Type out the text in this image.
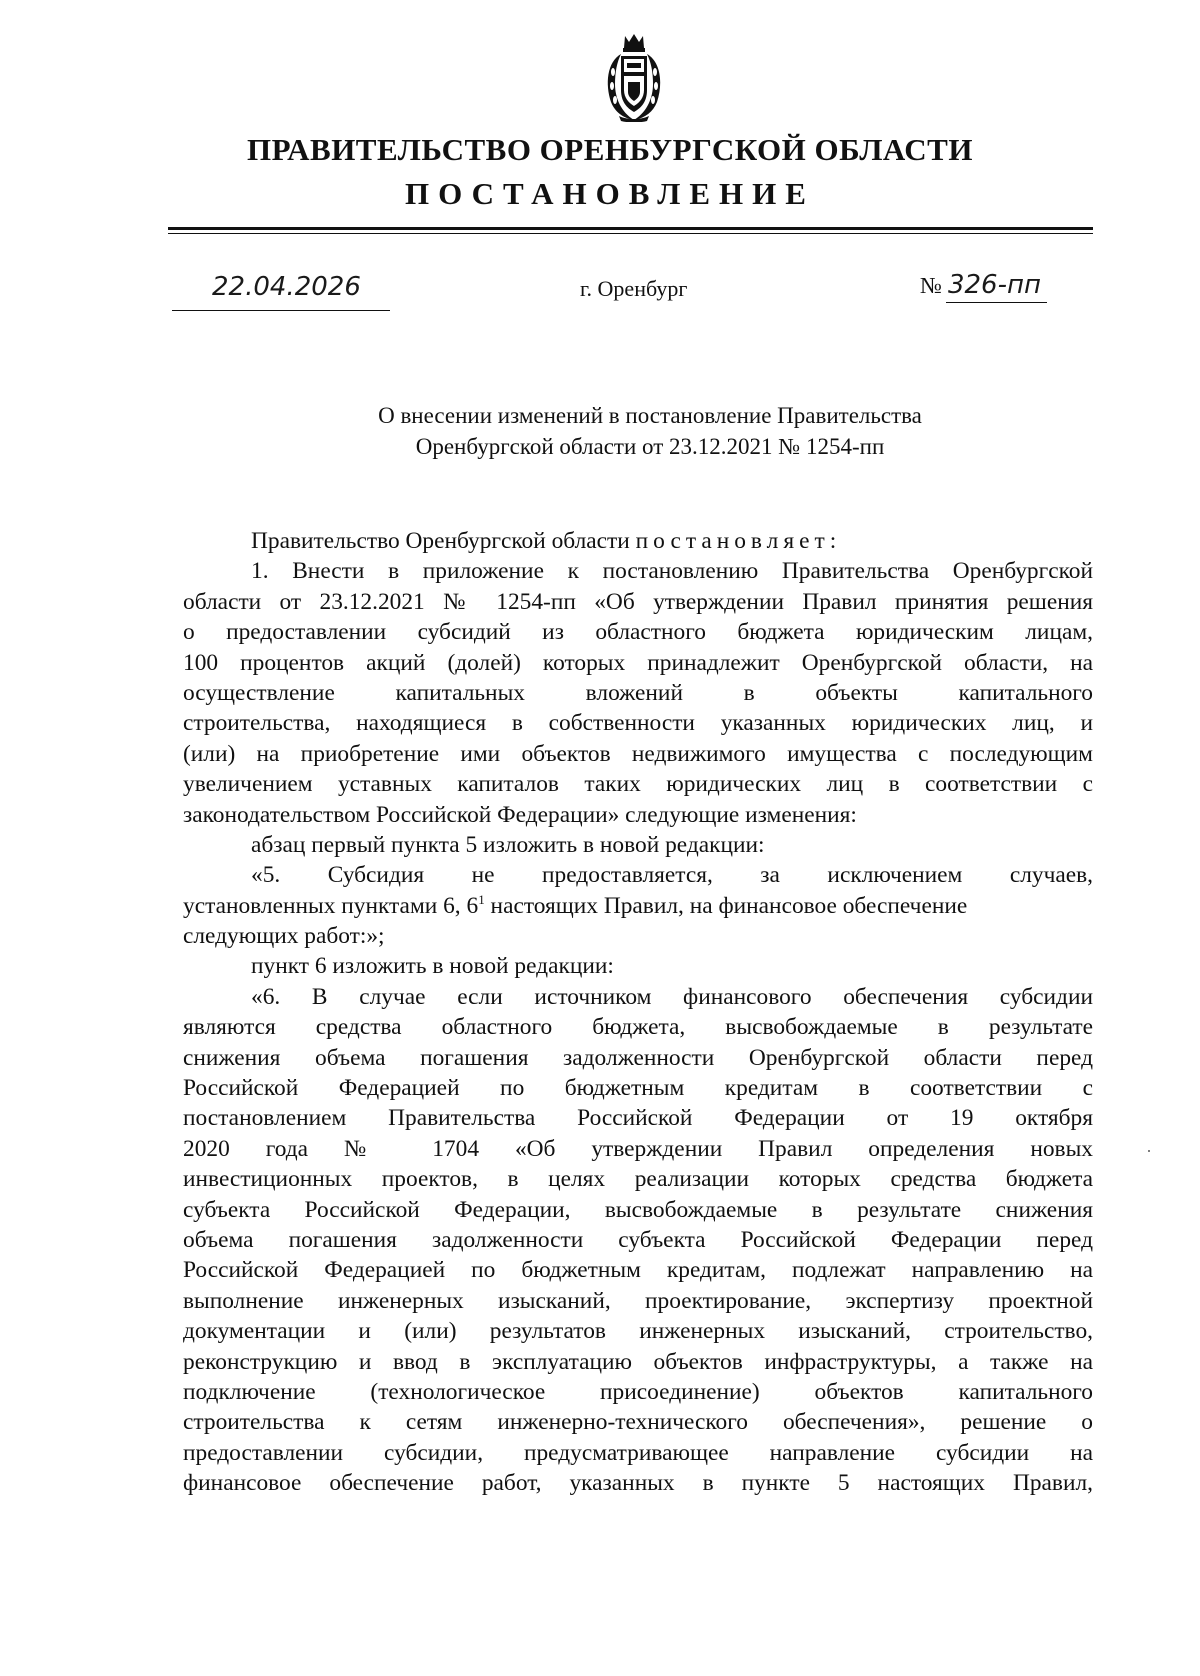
ПРАВИТЕЛЬСТВО ОРЕНБУРГСКОЙ ОБЛАСТИ
ПОСТАНОВЛЕНИЕ
22.04.2026	г. Оренбург	№ 326-пп
О внесении изменений в постановление Правительства
Оренбургской области от 23.12.2021 № 1254-пп
Правительство Оренбургской области постановляет:
1. Внести в приложение к постановлению Правительства Оренбургской
области от 23.12.2021 № 1254-пп «Об утверждении Правил принятия решения
о предоставлении субсидий из областного бюджета юридическим лицам,
100 процентов акций (долей) которых принадлежит Оренбургской области, на
осуществление капитальных вложений в объекты капитального
строительства, находящиеся в собственности указанных юридических лиц, и
(или) на приобретение ими объектов недвижимого имущества с последующим
увеличением уставных капиталов таких юридических лиц в соответствии с
законодательством Российской Федерации» следующие изменения:
абзац первый пункта 5 изложить в новой редакции:
«5. Субсидия не предоставляется, за исключением случаев,
установленных пунктами 6, $6^1$ настоящих Правил, на финансовое обеспечение
следующих работ:»;
пункт 6 изложить в новой редакции:
«6. В случае если источником финансового обеспечения субсидии
являются средства областного бюджета, высвобождаемые в результате
снижения объема погашения задолженности Оренбургской области перед
Российской Федерацией по бюджетным кредитам в соответствии с
постановлением Правительства Российской Федерации от 19 октября
2020 года № 1704 «Об утверждении Правил определения новых
инвестиционных проектов, в целях реализации которых средства бюджета
субъекта Российской Федерации, высвобождаемые в результате снижения
объема погашения задолженности субъекта Российской Федерации перед
Российской Федерацией по бюджетным кредитам, подлежат направлению на
выполнение инженерных изысканий, проектирование, экспертизу проектной
документации и (или) результатов инженерных изысканий, строительство,
реконструкцию и ввод в эксплуатацию объектов инфраструктуры, а также на
подключение (технологическое присоединение) объектов капитального
строительства к сетям инженерно-технического обеспечения», решение о
предоставлении субсидии, предусматривающее направление субсидии на
финансовое обеспечение работ, указанных в пункте 5 настоящих Правил,
